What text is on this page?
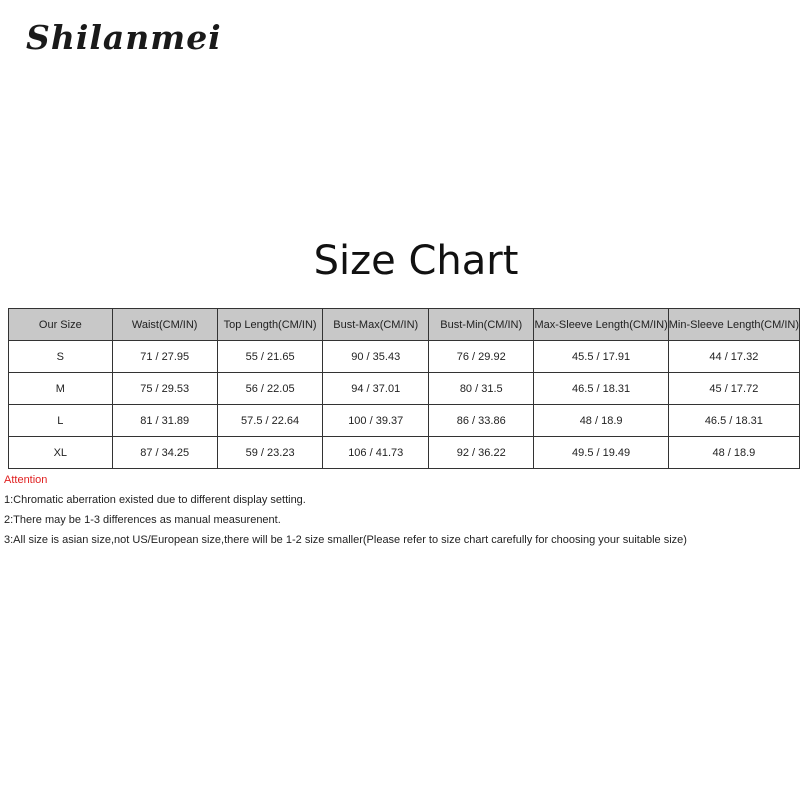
Shilanmei
Size Chart
Our Size	Waist(CM/IN)	Top Length(CM/IN)	Bust-Max(CM/IN)	Bust-Min(CM/IN)	Max-Sleeve Length(CM/IN)	Min-Sleeve Length(CM/IN)
S	71 / 27.95	55 / 21.65	90 / 35.43	76 / 29.92	45.5 / 17.91	44 / 17.32
M	75 / 29.53	56 / 22.05	94 / 37.01	80 / 31.5	46.5 / 18.31	45 / 17.72
L	81 / 31.89	57.5 / 22.64	100 / 39.37	86 / 33.86	48 / 18.9	46.5 / 18.31
XL	87 / 34.25	59 / 23.23	106 / 41.73	92 / 36.22	49.5 / 19.49	48 / 18.9
Attention
1:Chromatic aberration existed due to different display setting.
2:There may be 1-3 differences as manual measurenent.
3:All size is asian size,not US/European size,there will be 1-2 size smaller(Please refer to size chart carefully for choosing your suitable size)
